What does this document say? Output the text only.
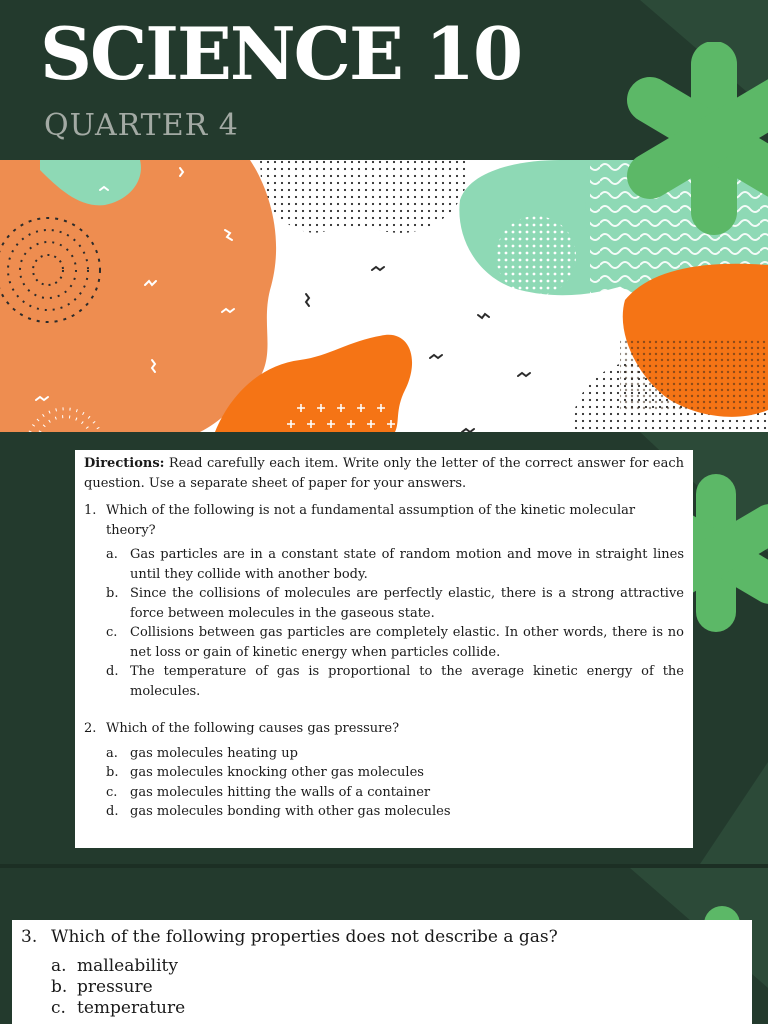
SCIENCE 10
QUARTER 4

Directions: Read carefully each item. Write only the letter of the correct answer for each question. Use a separate sheet of paper for your answers.

1. Which of the following is not a fundamental assumption of the kinetic molecular theory?
a. Gas particles are in a constant state of random motion and move in straight lines until they collide with another body.
b. Since the collisions of molecules are perfectly elastic, there is a strong attractive force between molecules in the gaseous state.
c. Collisions between gas particles are completely elastic. In other words, there is no net loss or gain of kinetic energy when particles collide.
d. The temperature of gas is proportional to the average kinetic energy of the molecules.
2. Which of the following causes gas pressure?
a. gas molecules heating up
b. gas molecules knocking other gas molecules
c. gas molecules hitting the walls of a container
d. gas molecules bonding with other gas molecules
3. Which of the following properties does not describe a gas?
a. malleability
b. pressure
c. temperature
